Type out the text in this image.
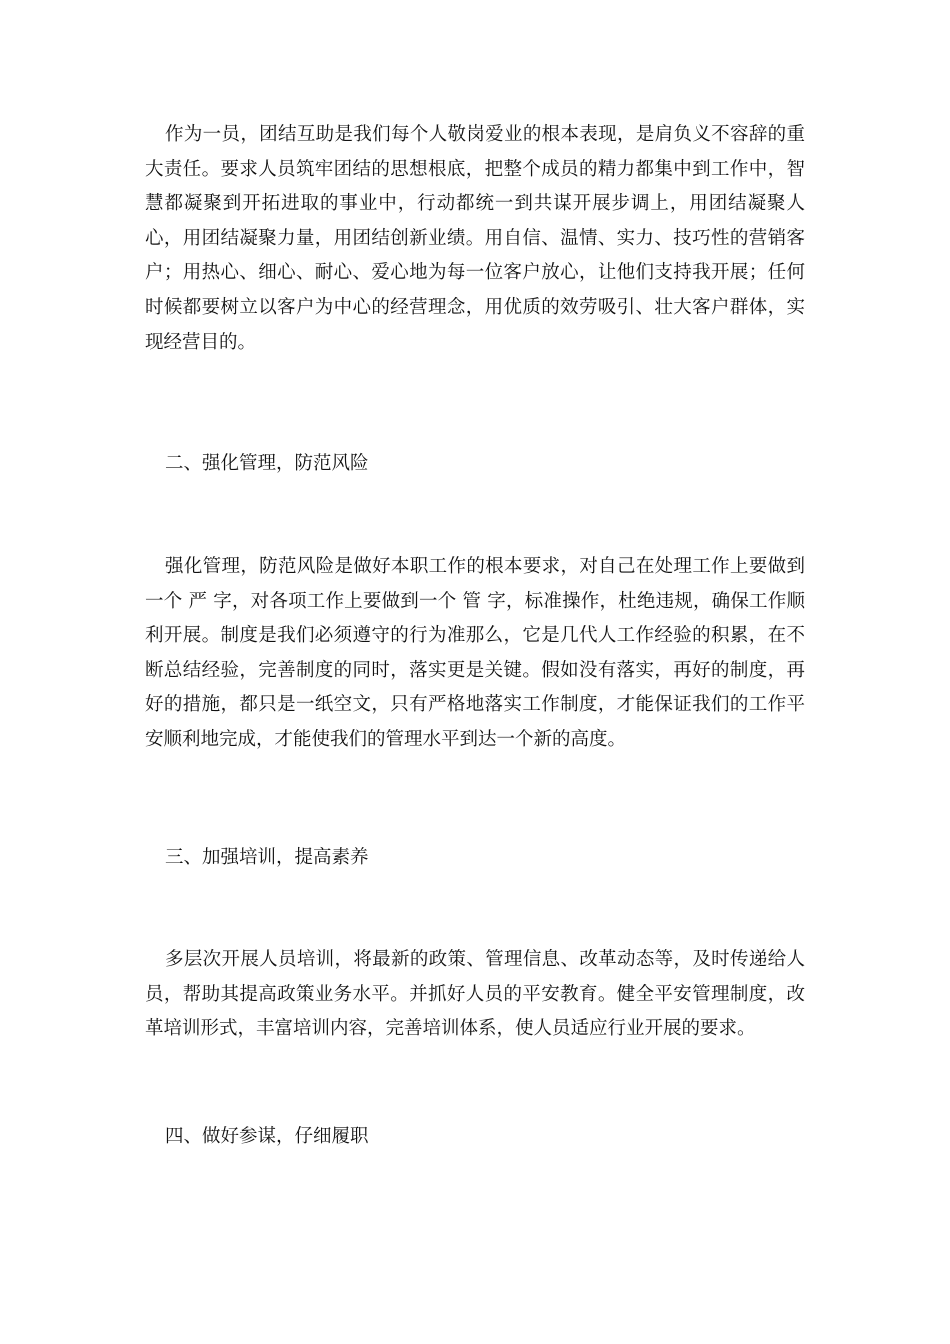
作为一员，团结互助是我们每个人敬岗爱业的根本表现，是肩负义不容辞的重大责任。要求人员筑牢团结的思想根底，把整个成员的精力都集中到工作中，智慧都凝聚到开拓进取的事业中，行动都统一到共谋开展步调上，用团结凝聚人心，用团结凝聚力量，用团结创新业绩。用自信、温情、实力、技巧性的营销客户；用热心、细心、耐心、爱心地为每一位客户放心，让他们支持我开展；任何时候都要树立以客户为中心的经营理念，用优质的效劳吸引、壮大客户群体，实现经营目的。

二、强化管理，防范风险

强化管理，防范风险是做好本职工作的根本要求，对自己在处理工作上要做到一个 严 字，对各项工作上要做到一个 管 字，标准操作，杜绝违规，确保工作顺利开展。制度是我们必须遵守的行为准那么，它是几代人工作经验的积累，在不断总结经验，完善制度的同时，落实更是关键。假如没有落实，再好的制度，再好的措施，都只是一纸空文，只有严格地落实工作制度，才能保证我们的工作平安顺利地完成，才能使我们的管理水平到达一个新的高度。

三、加强培训，提高素养

多层次开展人员培训，将最新的政策、管理信息、改革动态等，及时传递给人员，帮助其提高政策业务水平。并抓好人员的平安教育。健全平安管理制度，改革培训形式，丰富培训内容，完善培训体系，使人员适应行业开展的要求。

四、做好参谋，仔细履职
